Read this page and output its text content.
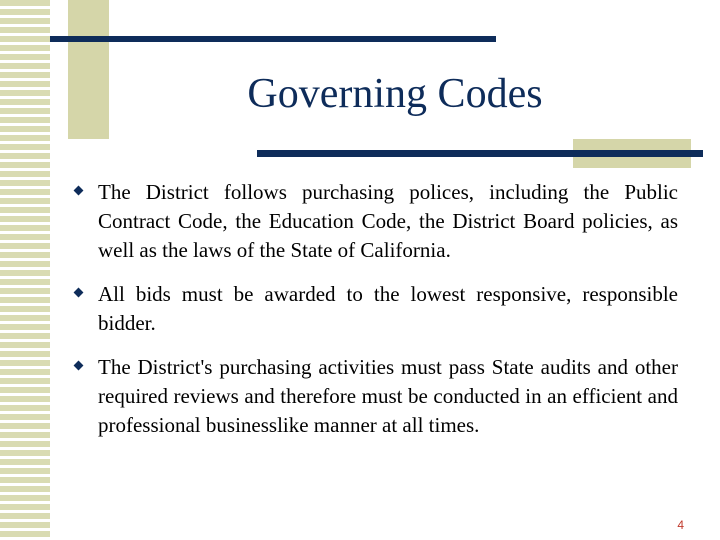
Governing Codes
The District follows purchasing polices, including the Public Contract Code, the Education Code, the District Board policies, as well as the laws of the State of California.
All bids must be awarded to the lowest responsive, responsible bidder.
The District's purchasing activities must pass State audits and other required reviews and therefore must be conducted in an efficient and professional businesslike manner at all times.
4
